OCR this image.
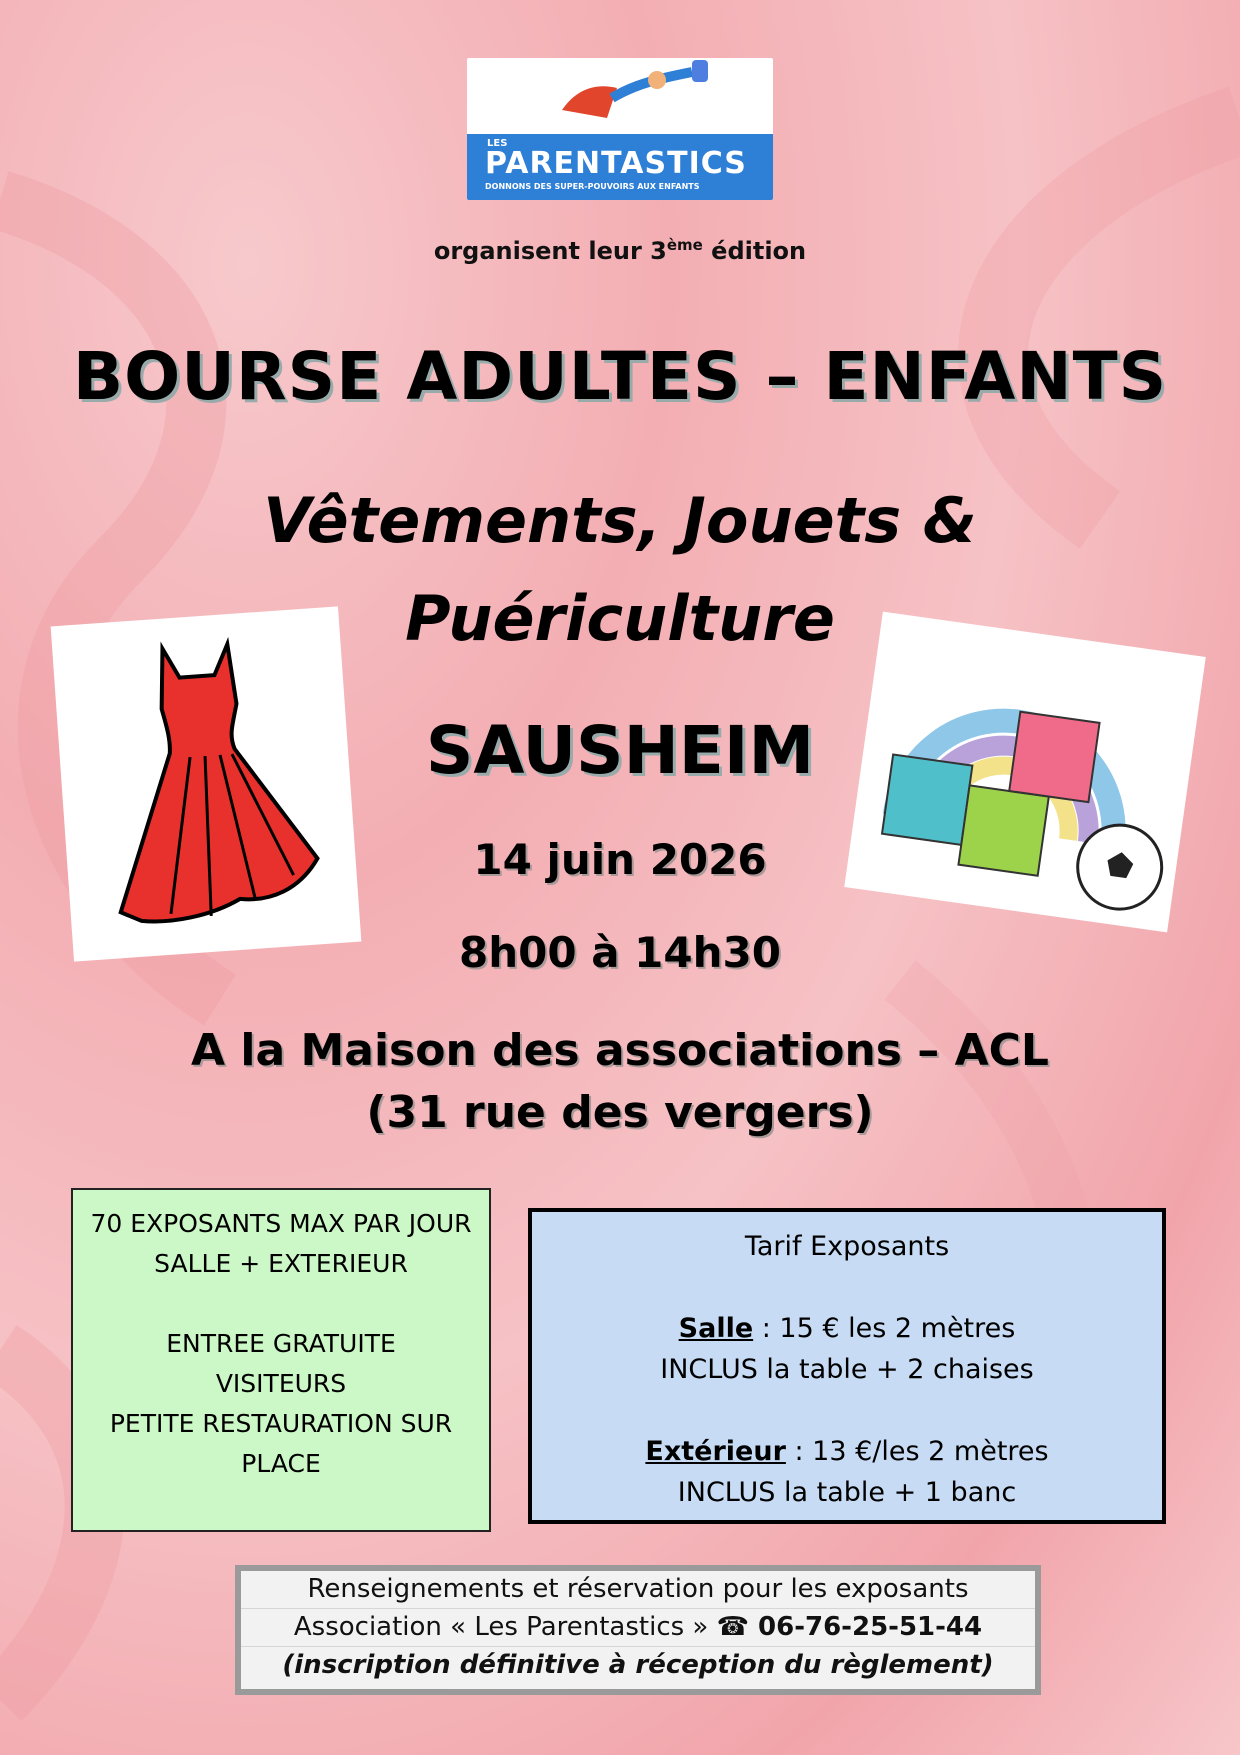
LES
PARENTASTICS
DONNONS DES SUPER-POUVOIRS AUX ENFANTS
organisent leur 3ème édition
BOURSE ADULTES – ENFANTS
Vêtements, Jouets &
Puériculture
SAUSHEIM
14 juin 2026
8h00 à 14h30
A la Maison des associations – ACL
(31 rue des vergers)
70 EXPOSANTS MAX PAR JOUR
SALLE + EXTERIEUR
ENTREE GRATUITE
VISITEURS
PETITE RESTAURATION SUR
PLACE
Tarif Exposants
Salle : 15 € les 2 mètres
INCLUS la table + 2 chaises
Extérieur : 13 €/les 2 mètres
INCLUS la table + 1 banc
Renseignements et réservation pour les exposants
Association « Les Parentastics » ☎ 06-76-25-51-44
(inscription définitive à réception du règlement)
